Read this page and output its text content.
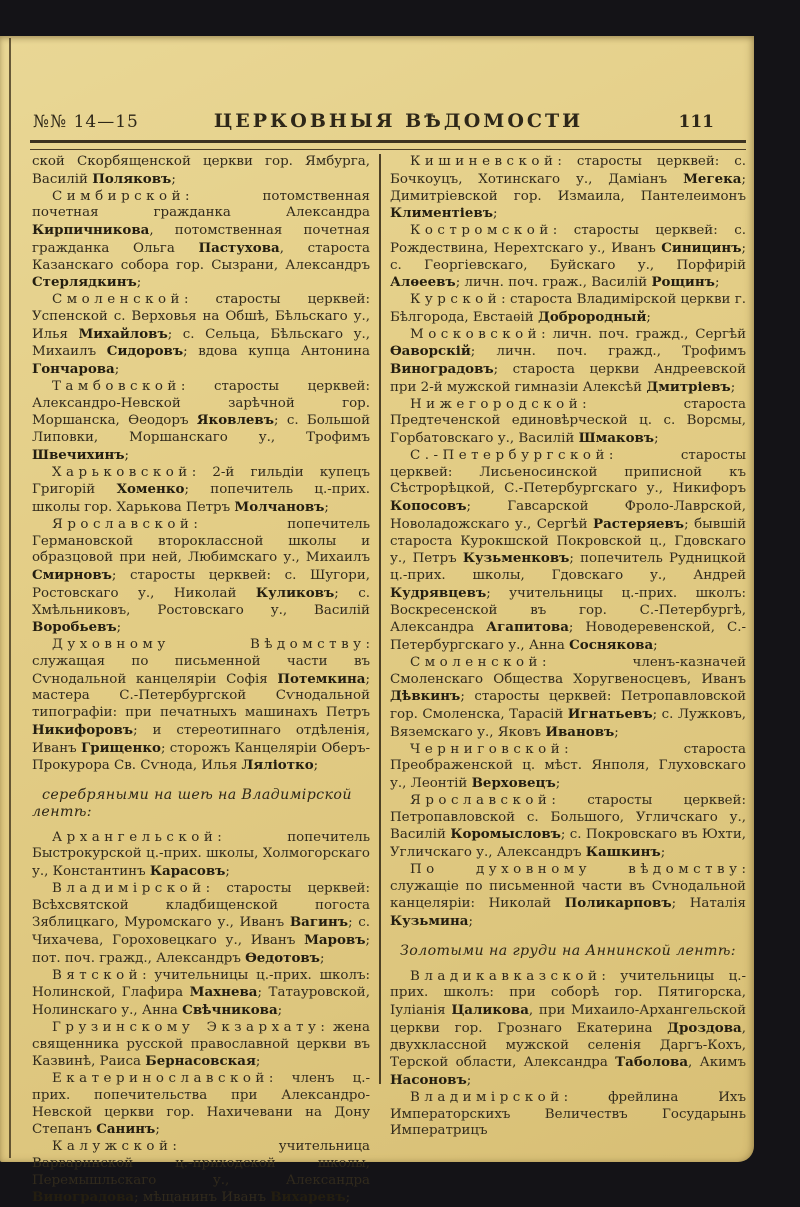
№№ 14—15	ЦЕРКОВНЫЯ ВѢДОМОСТИ	111

ской Скорбященской церкви гор. Ямбурга, Василій Поляковъ;

Симбирской: потомственная почетная гражданка Александра Кирпичникова, потомственная почетная гражданка Ольга Пастухова, староста Казанскаго собора гор. Сызрани, Александръ Стерлядкинъ;

Смоленской: старосты церквей: Успенской с. Верховья на Обшѣ, Бѣльскаго у., Илья Михайловъ; с. Сельца, Бѣльскаго у., Михаилъ Сидоровъ; вдова купца Антонина Гончарова;

Тамбовской: старосты церквей: Александро-Невской зарѣчной гор. Моршанска, Ѳеодоръ Яковлевъ; с. Большой Липовки, Моршанскаго у., Трофимъ Швечихинъ;

Харьковской: 2-й гильдіи купецъ Григорій Хоменко; попечитель ц.-прих. школы гор. Харькова Петръ Молчановъ;

Ярославской: попечитель Германовской второклассной школы и образцовой при ней, Любимскаго у., Михаилъ Смирновъ; старосты церквей: с. Шугори, Ростовскаго у., Николай Куликовъ; с. Хмѣльниковъ, Ростовскаго у., Василій Воробьевъ;

Духовному Вѣдомству: служащая по письменной части въ Сѵнодальной канцеляріи Софія Потемкина; мастера С.-Петербургской Сѵнодальной типографіи: при печатныхъ машинахъ Петръ Никифоровъ; и стереотипнаго отдѣленія, Иванъ Грищенко; сторожъ Канцеляріи Оберъ-Прокурора Св. Сѵнода, Илья Ляліотко;

серебряными на шеѣ на Владимірской лентѣ:

Архангельской: попечитель Быстрокурской ц.-прих. школы, Холмогорскаго у., Константинъ Карасовъ;

Владимірской: старосты церквей: Всѣхсвятской кладбищенской погоста Зяблицкаго, Муромскаго у., Иванъ Вагинъ; с. Чихачева, Гороховецкаго у., Иванъ Маровъ; пот. поч. гражд., Александръ Ѳедотовъ;

Вятской: учительницы ц.-прих. школъ: Нолинской, Глафира Махнева; Татауровской, Нолинскаго у., Анна Свѣчникова;

Грузинскому Экзархату: жена священника русской православной церкви въ Казвинѣ, Раиса Бернасовская;

Екатеринославской: членъ ц.-прих. попечительства при Александро-Невской церкви гор. Нахичевани на Дону Степанъ Санинъ;

Калужской: учительница Варваринской ц.-приходской школы, Перемышльскаго у., Александра Виноградова; мѣщанинъ Иванъ Вихаревъ;

Кишиневской: старосты церквей: с. Бочкоуцъ, Хотинскаго у., Даміанъ Мегека; Димитріевской гор. Измаила, Пантелеимонъ Климентіевъ;

Костромской: старосты церквей: с. Рождествина, Нерехтскаго у., Иванъ Синицинъ; с. Георгіевскаго, Буйскаго у., Порфирій Алѳеевъ; личн. поч. граж., Василій Рощинъ;

Курской: староста Владимірской церкви г. Бѣлгорода, Евстаѳій Доброродный;

Московской: личн. поч. гражд., Сергѣй Ѳаворскій; личн. поч. гражд., Трофимъ Виноградовъ; староста церкви Андреевской при 2-й мужской гимназіи Алексѣй Дмитріевъ;

Нижегородской: староста Предтеченской единовѣрческой ц. с. Ворсмы, Горбатовскаго у., Василій Шмаковъ;

С.-Петербургской: старосты церквей: Лисьеносинской приписной къ Сѣстрорѣцкой, С.-Петербургскаго у., Никифоръ Копосовъ; Гавсарской Фроло-Лаврской, Новоладожскаго у., Сергѣй Растеряевъ; бывшій староста Курокшской Покровской ц., Гдовскаго у., Петръ Кузьменковъ; попечитель Рудницкой ц.-прих. школы, Гдовскаго у., Андрей Кудрявцевъ; учительницы ц.-прих. школъ: Воскресенской въ гор. С.-Петербургѣ, Александра Агапитова; Новодеревенской, С.-Петербургскаго у., Анна Соснякова;

Смоленской: членъ-казначей Смоленскаго Общества Хоругвеносцевъ, Иванъ Дѣвкинъ; старосты церквей: Петропавловской гор. Смоленска, Тарасій Игнатьевъ; с. Лужковъ, Вяземскаго у., Яковъ Ивановъ;

Черниговской: староста Преображенской ц. мѣст. Янполя, Глуховскаго у., Леонтій Верховецъ;

Ярославской: старосты церквей: Петропавловской с. Большого, Угличскаго у., Василій Коромысловъ; с. Покровскаго въ Юхти, Угличскаго у., Александръ Кашкинъ;

По духовному вѣдомству: служащіе по письменной части въ Сѵнодальной канцеляріи: Николай Поликарповъ; Наталія Кузьмина;

Золотыми на груди на Аннинской лентѣ:

Владикавказской: учительницы ц.-прих. школъ: при соборѣ гор. Пятигорска, Іуліанія Цаликова, при Михаило-Архангельской церкви гор. Грознаго Екатерина Дроздова, двухклассной мужской селенія Даргъ-Кохъ, Терской области, Александра Таболова, Акимъ Насоновъ;

Владимірской: фрейлина Ихъ Императорскихъ Величествъ Государынь Императрицъ
